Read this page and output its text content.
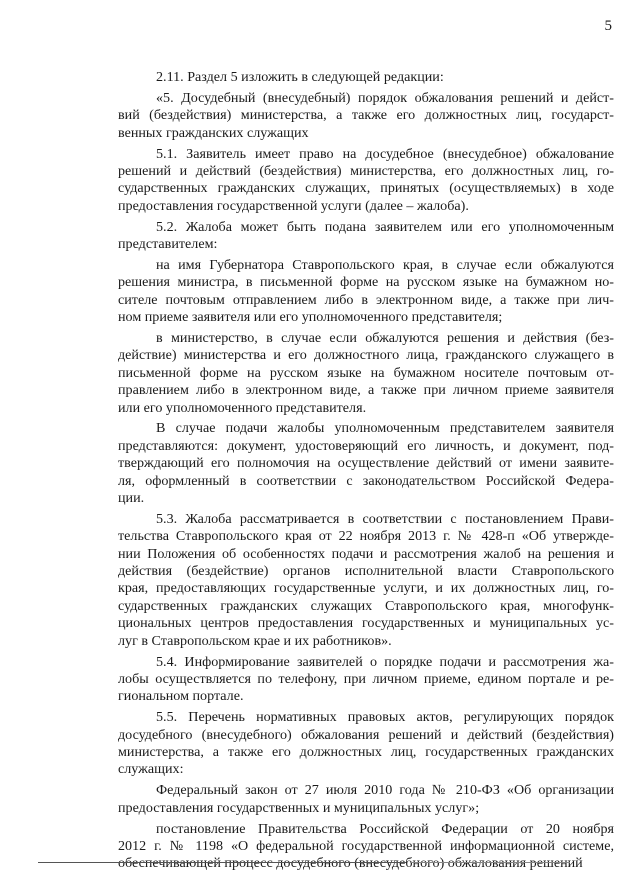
5
2.11. Раздел 5 изложить в следующей редакции:
«5. Досудебный (внесудебный) порядок обжалования решений и дейст-
вий (бездействия) министерства, а также его должностных лиц, государст-
венных гражданских служащих
5.1. Заявитель имеет право на досудебное (внесудебное) обжалование
решений и действий (бездействия) министерства, его должностных лиц, го-
сударственных гражданских служащих, принятых (осуществляемых) в ходе
предоставления государственной услуги (далее – жалоба).
5.2. Жалоба может быть подана заявителем или его уполномоченным
представителем:
на имя Губернатора Ставропольского края, в случае если обжалуются
решения министра, в письменной форме на русском языке на бумажном но-
сителе почтовым отправлением либо в электронном виде, а также при лич-
ном приеме заявителя или его уполномоченного представителя;
в министерство, в случае если обжалуются решения и действия (без-
действие) министерства и его должностного лица, гражданского служащего в
письменной форме на русском языке на бумажном носителе почтовым от-
правлением либо в электронном виде, а также при личном приеме заявителя
или его уполномоченного представителя.
В случае подачи жалобы уполномоченным представителем заявителя
представляются: документ, удостоверяющий его личность, и документ, под-
тверждающий его полномочия на осуществление действий от имени заявите-
ля, оформленный в соответствии с законодательством Российской Федера-
ции.
5.3. Жалоба рассматривается в соответствии с постановлением Прави-
тельства Ставропольского края от 22 ноября 2013 г. № 428-п «Об утвержде-
нии Положения об особенностях подачи и рассмотрения жалоб на решения и
действия (бездействие) органов исполнительной власти Ставропольского
края, предоставляющих государственные услуги, и их должностных лиц, го-
сударственных гражданских служащих Ставропольского края, многофунк-
циональных центров предоставления государственных и муниципальных ус-
луг в Ставропольском крае и их работников».
5.4. Информирование заявителей о порядке подачи и рассмотрения жа-
лобы осуществляется по телефону, при личном приеме, едином портале и ре-
гиональном портале.
5.5. Перечень нормативных правовых актов, регулирующих порядок
досудебного (внесудебного) обжалования решений и действий (бездействия)
министерства, а также его должностных лиц, государственных гражданских
служащих:
Федеральный закон от 27 июля 2010 года № 210-ФЗ «Об организации
предоставления государственных и муниципальных услуг»;
постановление Правительства Российской Федерации от 20 ноября
2012 г. № 1198 «О федеральной государственной информационной системе,
обеспечивающей процесс досудебного (внесудебного) обжалования решений
